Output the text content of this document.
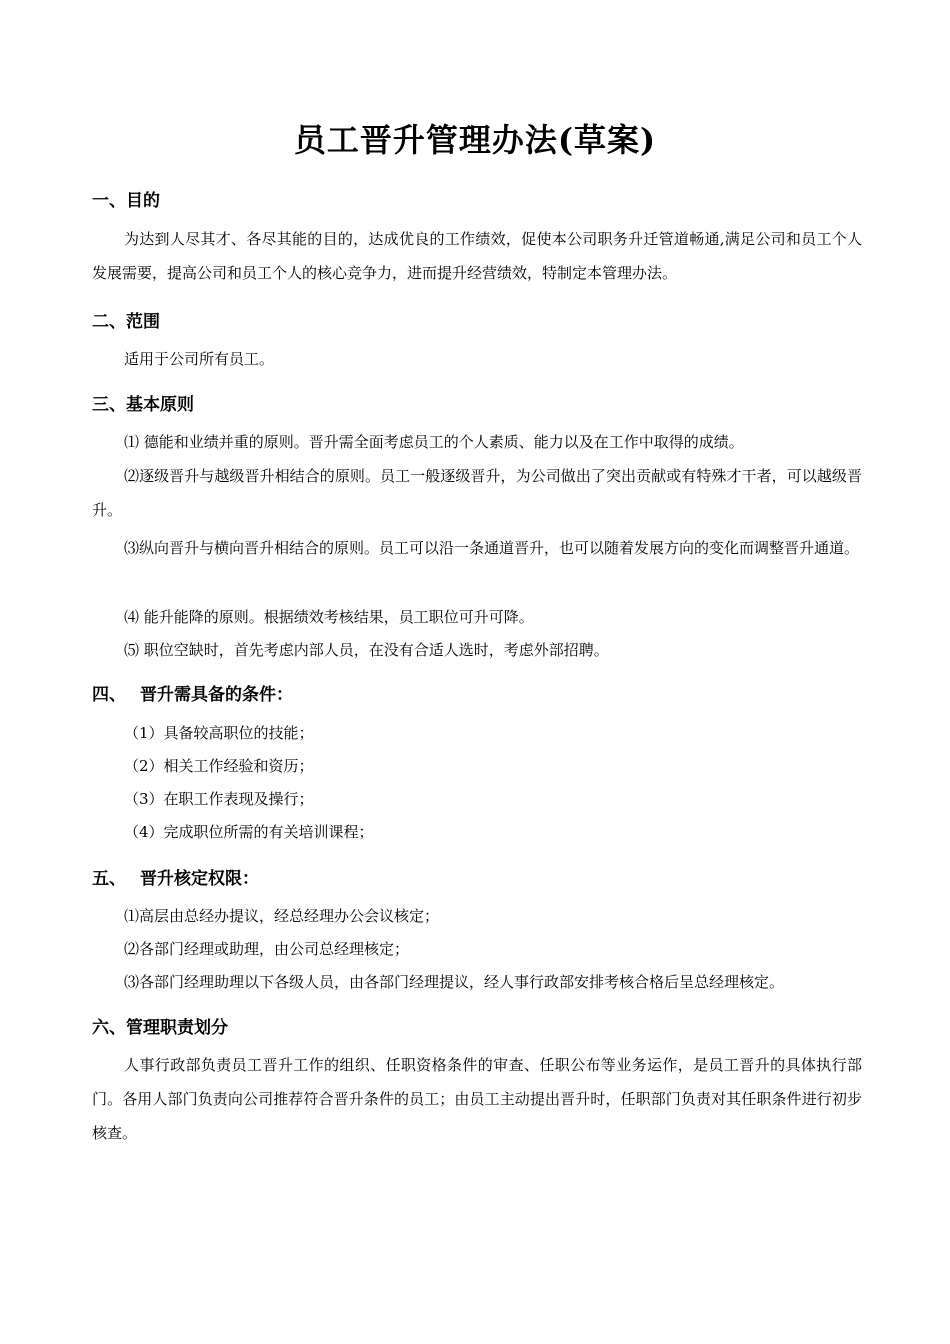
员工晋升管理办法(草案)
一、目的
为达到人尽其才、各尽其能的目的，达成优良的工作绩效，促使本公司职务升迁管道畅通,满足公司和员工个人发展需要，提高公司和员工个人的核心竞争力，进而提升经营绩效，特制定本管理办法。
二、范围
适用于公司所有员工。
三、基本原则
⑴ 德能和业绩并重的原则。晋升需全面考虑员工的个人素质、能力以及在工作中取得的成绩。
⑵逐级晋升与越级晋升相结合的原则。员工一般逐级晋升，为公司做出了突出贡献或有特殊才干者，可以越级晋升。
⑶纵向晋升与横向晋升相结合的原则。员工可以沿一条通道晋升，也可以随着发展方向的变化而调整晋升通道。
⑷ 能升能降的原则。根据绩效考核结果，员工职位可升可降。
⑸ 职位空缺时，首先考虑内部人员，在没有合适人选时，考虑外部招聘。
四、 晋升需具备的条件：
（1）具备较高职位的技能；
（2）相关工作经验和资历；
（3）在职工作表现及操行；
（4）完成职位所需的有关培训课程；
五、 晋升核定权限：
⑴高层由总经办提议，经总经理办公会议核定；
⑵各部门经理或助理，由公司总经理核定；
⑶各部门经理助理以下各级人员，由各部门经理提议，经人事行政部安排考核合格后呈总经理核定。
六、管理职责划分
人事行政部负责员工晋升工作的组织、任职资格条件的审查、任职公布等业务运作，是员工晋升的具体执行部门。各用人部门负责向公司推荐符合晋升条件的员工；由员工主动提出晋升时，任职部门负责对其任职条件进行初步核查。
